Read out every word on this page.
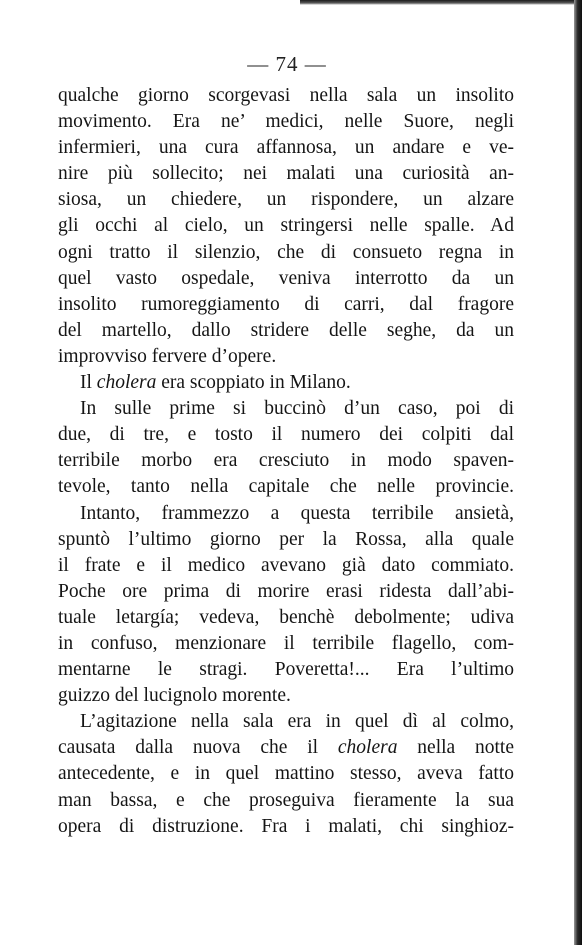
— 74 —
qualche giorno scorgevasi nella sala un insolito
movimento. Era ne’ medici, nelle Suore, negli
infermieri, una cura affannosa, un andare e ve-
nire più sollecito; nei malati una curiosità an-
siosa, un chiedere, un rispondere, un alzare
gli occhi al cielo, un stringersi nelle spalle. Ad
ogni tratto il silenzio, che di consueto regna in
quel vasto ospedale, veniva interrotto da un
insolito rumoreggiamento di carri, dal fragore
del martello, dallo stridere delle seghe, da un
improvviso fervere d’opere.
Il cholera era scoppiato in Milano.
In sulle prime si buccinò d’un caso, poi di
due, di tre, e tosto il numero dei colpiti dal
terribile morbo era cresciuto in modo spaven-
tevole, tanto nella capitale che nelle provincie.
Intanto, frammezzo a questa terribile ansietà,
spuntò l’ultimo giorno per la Rossa, alla quale
il frate e il medico avevano già dato commiato.
Poche ore prima di morire erasi ridesta dall’abi-
tuale letargía; vedeva, benchè debolmente; udiva
in confuso, menzionare il terribile flagello, com-
mentarne le stragi. Poveretta!... Era l’ultimo
guizzo del lucignolo morente.
L’agitazione nella sala era in quel dì al colmo,
causata dalla nuova che il cholera nella notte
antecedente, e in quel mattino stesso, aveva fatto
man bassa, e che proseguiva fieramente la sua
opera di distruzione. Fra i malati, chi singhioz-
